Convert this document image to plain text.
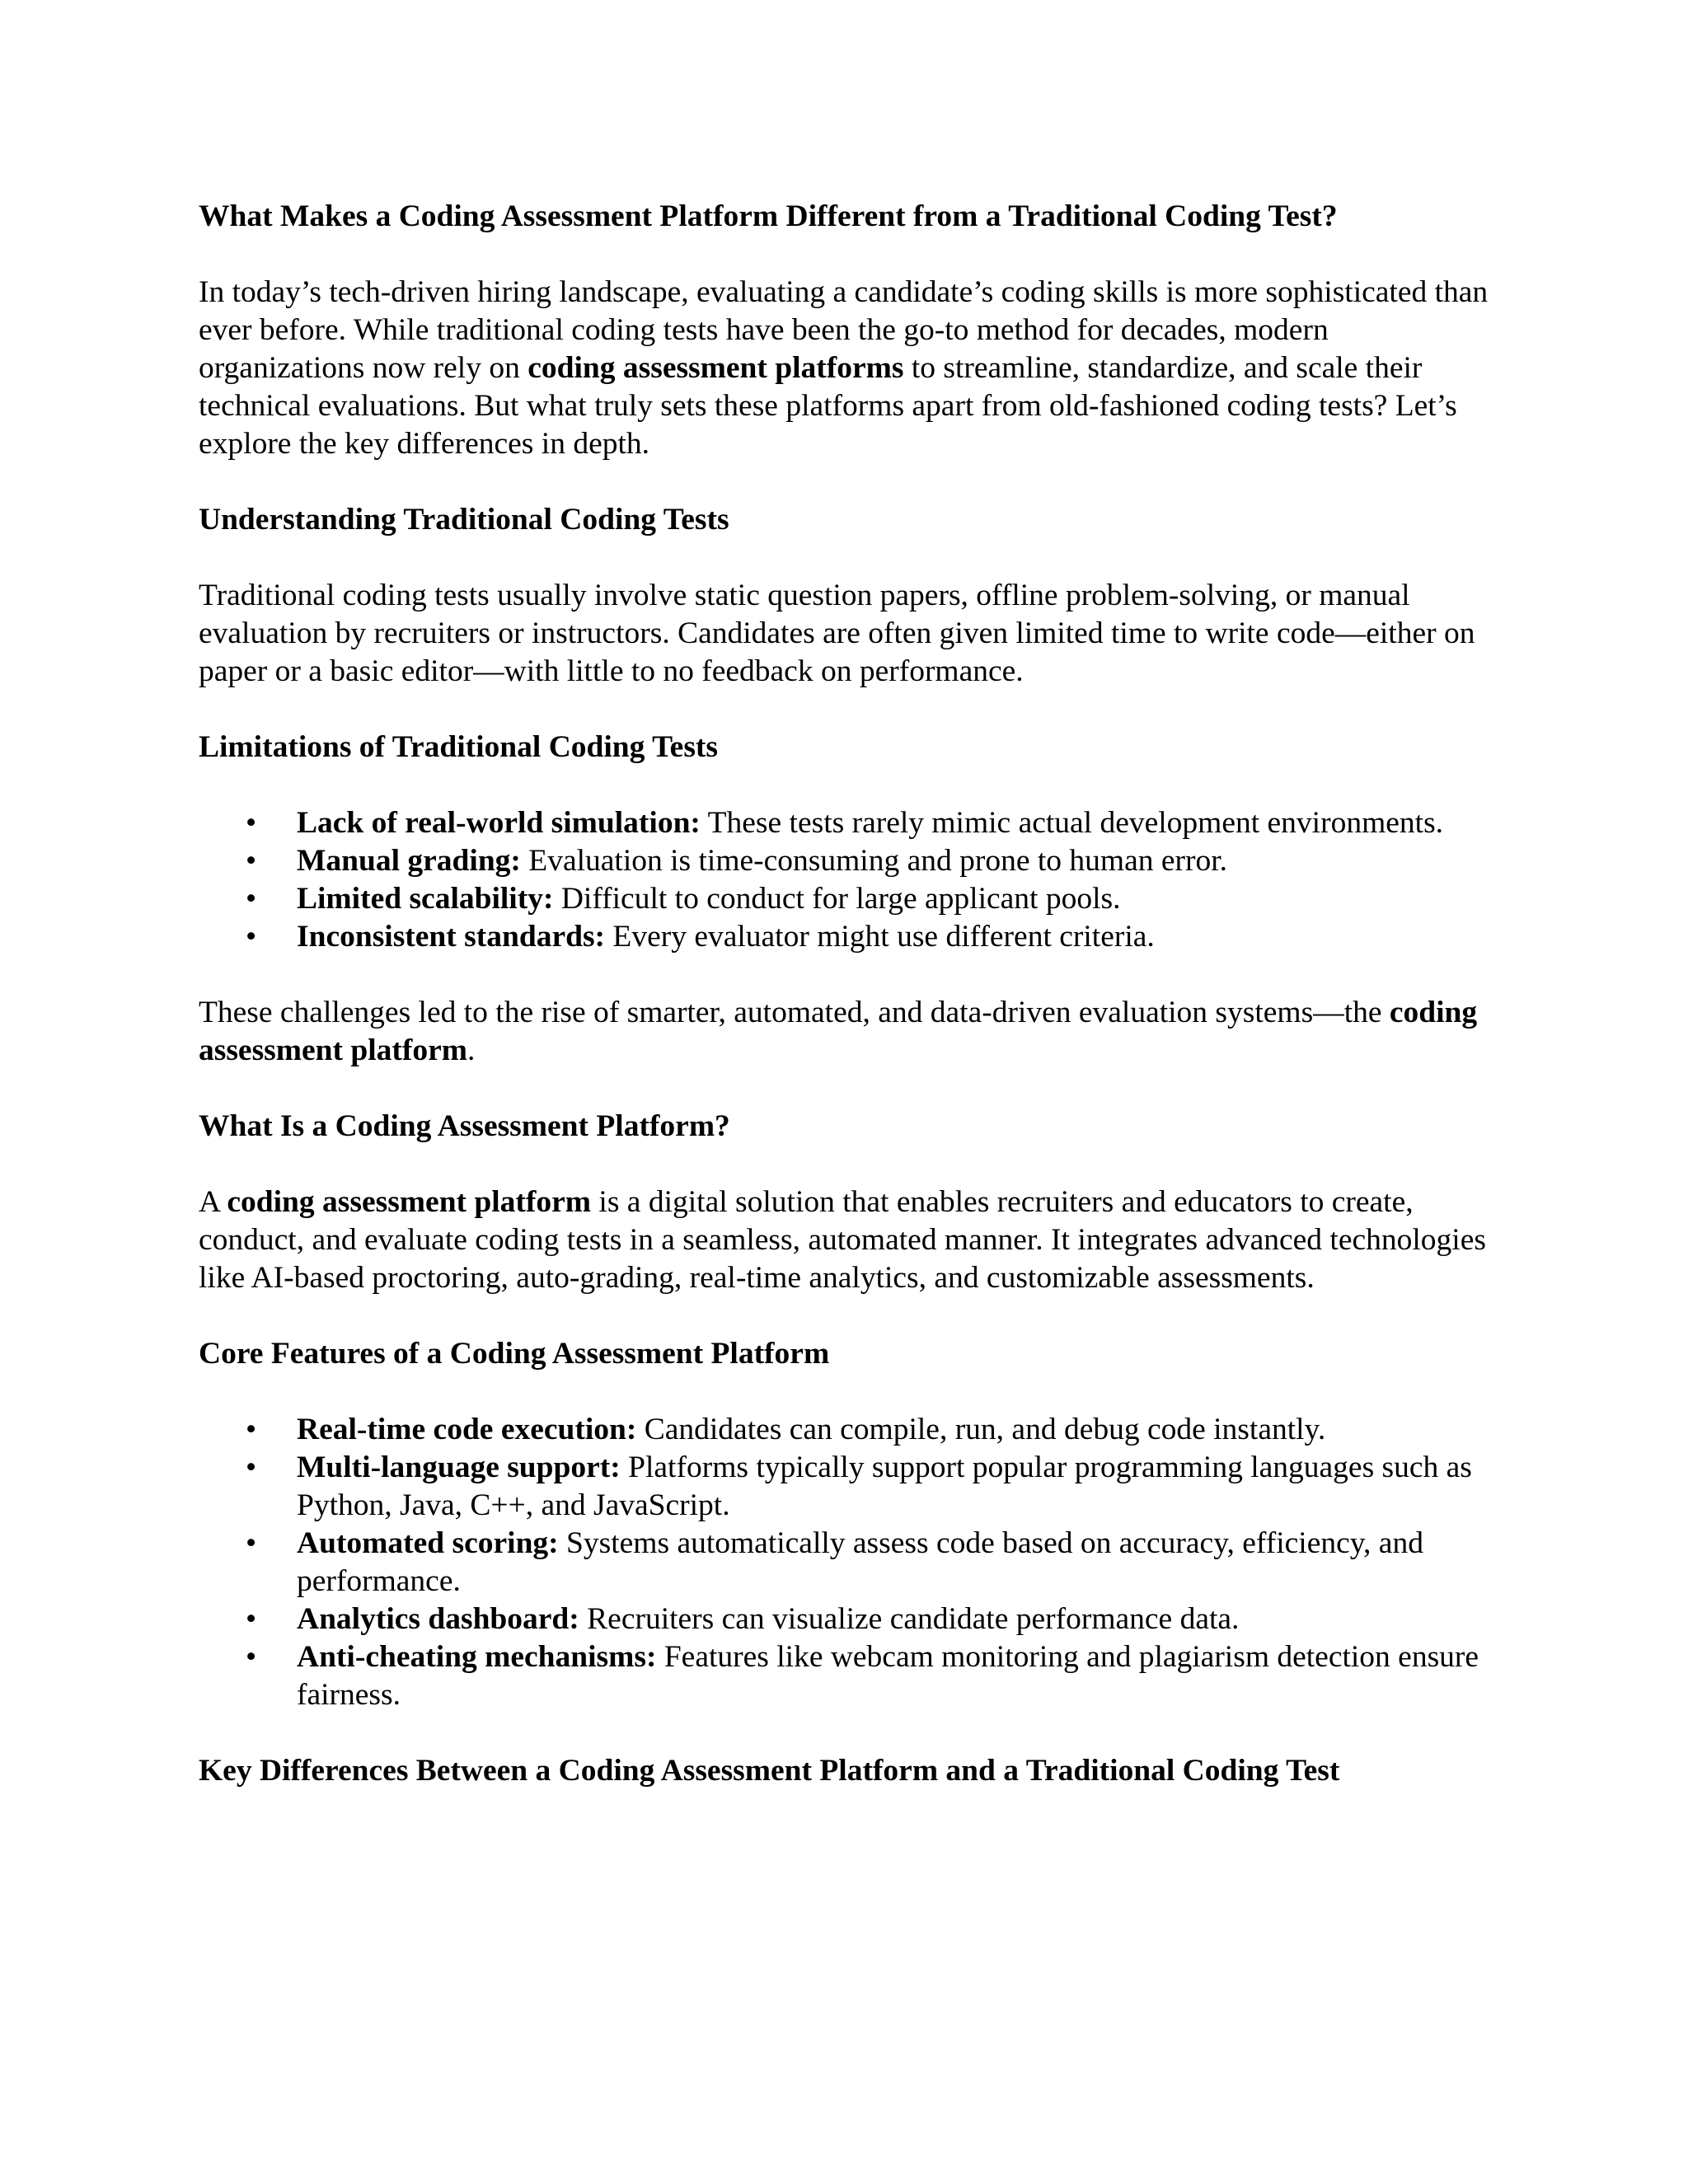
What Makes a Coding Assessment Platform Different from a Traditional Coding Test?

In today’s tech-driven hiring landscape, evaluating a candidate’s coding skills is more sophisticated than ever before. While traditional coding tests have been the go-to method for decades, modern organizations now rely on coding assessment platforms to streamline, standardize, and scale their technical evaluations. But what truly sets these platforms apart from old-fashioned coding tests? Let’s explore the key differences in depth.

Understanding Traditional Coding Tests

Traditional coding tests usually involve static question papers, offline problem-solving, or manual evaluation by recruiters or instructors. Candidates are often given limited time to write code—either on paper or a basic editor—with little to no feedback on performance.

Limitations of Traditional Coding Tests
• Lack of real-world simulation: These tests rarely mimic actual development environments.
• Manual grading: Evaluation is time-consuming and prone to human error.
• Limited scalability: Difficult to conduct for large applicant pools.
• Inconsistent standards: Every evaluator might use different criteria.

These challenges led to the rise of smarter, automated, and data-driven evaluation systems—the coding assessment platform.

What Is a Coding Assessment Platform?

A coding assessment platform is a digital solution that enables recruiters and educators to create, conduct, and evaluate coding tests in a seamless, automated manner. It integrates advanced technologies like AI-based proctoring, auto-grading, real-time analytics, and customizable assessments.

Core Features of a Coding Assessment Platform
• Real-time code execution: Candidates can compile, run, and debug code instantly.
• Multi-language support: Platforms typically support popular programming languages such as Python, Java, C++, and JavaScript.
• Automated scoring: Systems automatically assess code based on accuracy, efficiency, and performance.
• Analytics dashboard: Recruiters can visualize candidate performance data.
• Anti-cheating mechanisms: Features like webcam monitoring and plagiarism detection ensure fairness.
Key Differences Between a Coding Assessment Platform and a Traditional Coding Test
